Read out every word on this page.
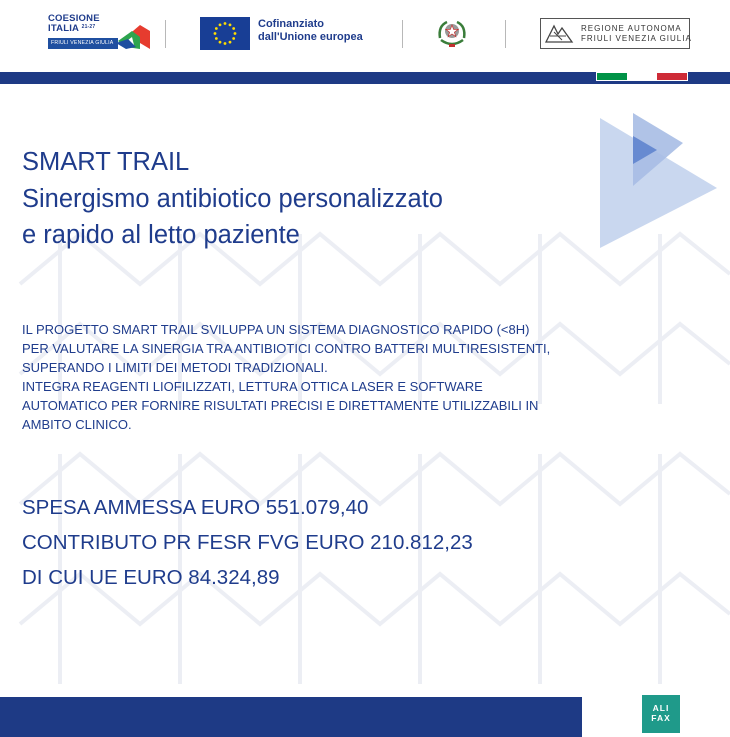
COESIONE
ITALIA $^{21-27}$
FRIULI VENEZIA GIULIA
Cofinanziato
dall'Unione europea
REGIONE AUTONOMA
FRIULI VENEZIA GIULIA
SMART TRAIL
Sinergismo antibiotico personalizzato
e rapido al letto paziente
IL PROGETTO SMART TRAIL SVILUPPA UN SISTEMA DIAGNOSTICO RAPIDO (<8H)
PER VALUTARE LA SINERGIA TRA ANTIBIOTICI CONTRO BATTERI MULTIRESISTENTI,
SUPERANDO I LIMITI DEI METODI TRADIZIONALI.
INTEGRA REAGENTI LIOFILIZZATI, LETTURA OTTICA LASER E SOFTWARE
AUTOMATICO PER FORNIRE RISULTATI PRECISI E DIRETTAMENTE UTILIZZABILI IN
AMBITO CLINICO.
SPESA AMMESSA EURO 551.079,40
CONTRIBUTO PR FESR FVG EURO 210.812,23
DI CUI UE EURO 84.324,89
ALI
FAX
